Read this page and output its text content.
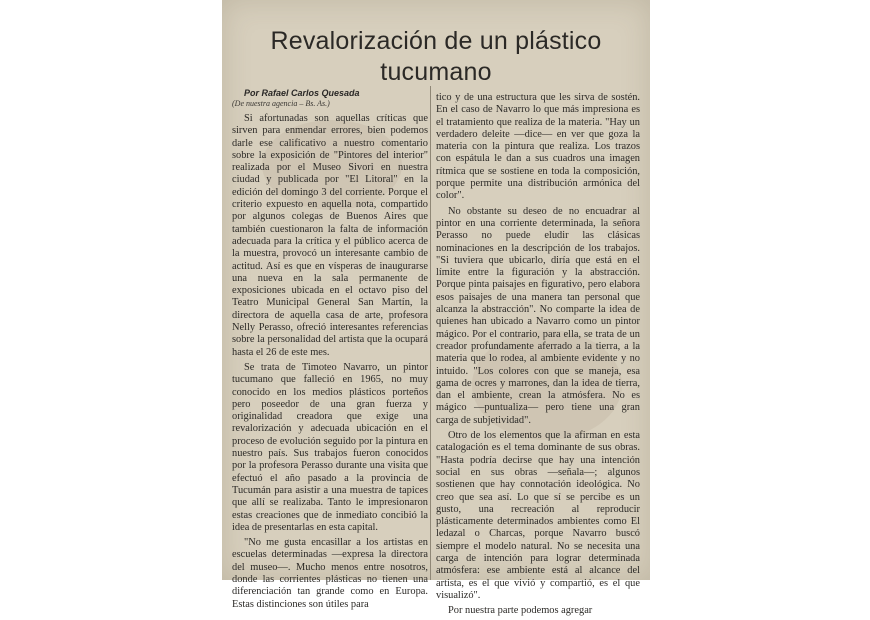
Revalorización de un plástico tucumano

Por Rafael Carlos Quesada

(De nuestra agencia – Bs. As.)

Si afortunadas son aquellas críticas que sirven para enmendar errores, bien podemos darle ese calificativo a nuestro comentario sobre la exposición de "Pintores del interior" realizada por el Museo Sivori en nuestra ciudad y publicada por "El Litoral" en la edición del domingo 3 del corriente. Porque el criterio expuesto en aquella nota, compartido por algunos colegas de Buenos Aires que también cuestionaron la falta de información adecuada para la crítica y el público acerca de la muestra, provocó un interesante cambio de actitud. Así es que en vísperas de inaugurarse una nueva en la sala permanente de exposiciones ubicada en el octavo piso del Teatro Municipal General San Martín, la directora de aquella casa de arte, profesora Nelly Perasso, ofreció interesantes referencias sobre la personalidad del artista que la ocupará hasta el 26 de este mes.

Se trata de Timoteo Navarro, un pintor tucumano que falleció en 1965, no muy conocido en los medios plásticos porteños pero poseedor de una gran fuerza y originalidad creadora que exige una revalorización y adecuada ubicación en el proceso de evolución seguido por la pintura en nuestro país. Sus trabajos fueron conocidos por la profesora Perasso durante una visita que efectuó el año pasado a la provincia de Tucumán para asistir a una muestra de tapices que allí se realizaba. Tanto le impresionaron estas creaciones que de inmediato concibió la idea de presentarlas en esta capital.

"No me gusta encasillar a los artistas en escuelas determinadas —expresa la directora del museo—. Mucho menos entre nosotros, donde las corrientes plásticas no tienen una diferenciación tan grande como en Europa. Estas distinciones son útiles para

tico y de una estructura que les sirva de sostén. En el caso de Navarro lo que más impresiona es el tratamiento que realiza de la materia. "Hay un verdadero deleite —dice— en ver que goza la materia con la pintura que realiza. Los trazos con espátula le dan a sus cuadros una imagen rítmica que se sostiene en toda la composición, porque permite una distribución armónica del color".

No obstante su deseo de no encuadrar al pintor en una corriente determinada, la señora Perasso no puede eludir las clásicas nominaciones en la descripción de los trabajos. "Si tuviera que ubicarlo, diría que está en el límite entre la figuración y la abstracción. Porque pinta paisajes en figurativo, pero elabora esos paisajes de una manera tan personal que alcanza la abstracción". No comparte la idea de quienes han ubicado a Navarro como un pintor mágico. Por el contrario, para ella, se trata de un creador profundamente aferrado a la tierra, a la materia que lo rodea, al ambiente evidente y no intuido. "Los colores con que se maneja, esa gama de ocres y marrones, dan la idea de tierra, dan el ambiente, crean la atmósfera. No es mágico —puntualiza— pero tiene una gran carga de subjetividad".

Otro de los elementos que la afirman en esta catalogación es el tema dominante de sus obras. "Hasta podría decirse que hay una intención social en sus obras —señala—; algunos sostienen que hay connotación ideológica. No creo que sea así. Lo que sí se percibe es un gusto, una recreación al reproducir plásticamente determinados ambientes como El ledazal o Charcas, porque Navarro buscó siempre el modelo natural. No se necesita una carga de intención para lograr determinada atmósfera: ese ambiente está al alcance del artista, es el que vivió y compartió, es el que visualizó".

Por nuestra parte podemos agregar
